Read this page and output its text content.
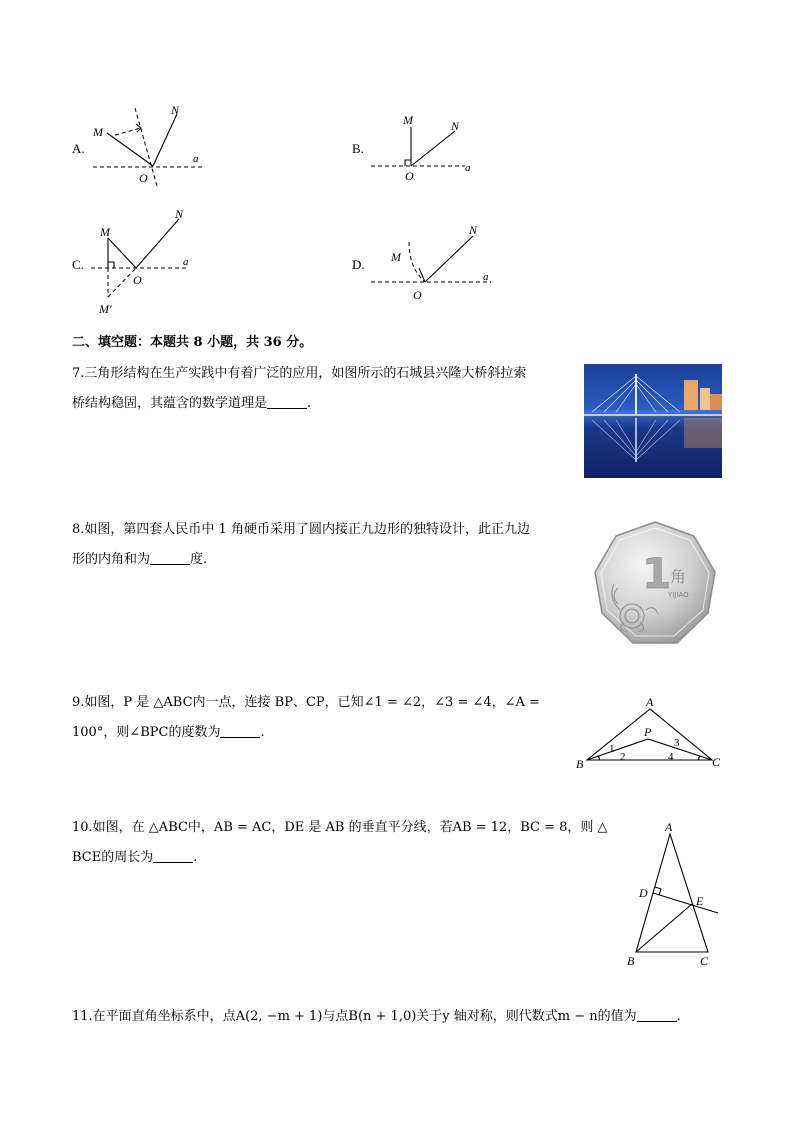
A.
M
N
O
a
B.
M	N
O
a
C.
M
N
O
a
M′
D. M
N
O
a
二、填空题：本题共 8 小题，共 36 分。
7.三角形结构在生产实践中有着广泛的应用，如图所示的石城县兴隆大桥斜拉索
桥结构稳固，其蕴含的数学道理是	.
8.如图，第四套人民币中 1 角硬币采用了圆内接正九边形的独特设计，此正九边
形的内角和为	度.	1
角
YIJIAO
9.如图，P 是 △ABC内一点，连接 BP、CP，已知∠1 = ∠2，∠3 = ∠4，∠A =
100°，则∠BPC的度数为	.
A
B	C
P
1
2
3
4
10.如图，在 △ABC中，AB = AC，DE 是 AB 的垂直平分线，若AB = 12，BC = 8，则 △
BCE的周长为	.
A
B	C
D
E
11.在平面直角坐标系中，点A(2, −m + 1)与点B(n + 1,0)关于y 轴对称，则代数式m − n的值为	.
